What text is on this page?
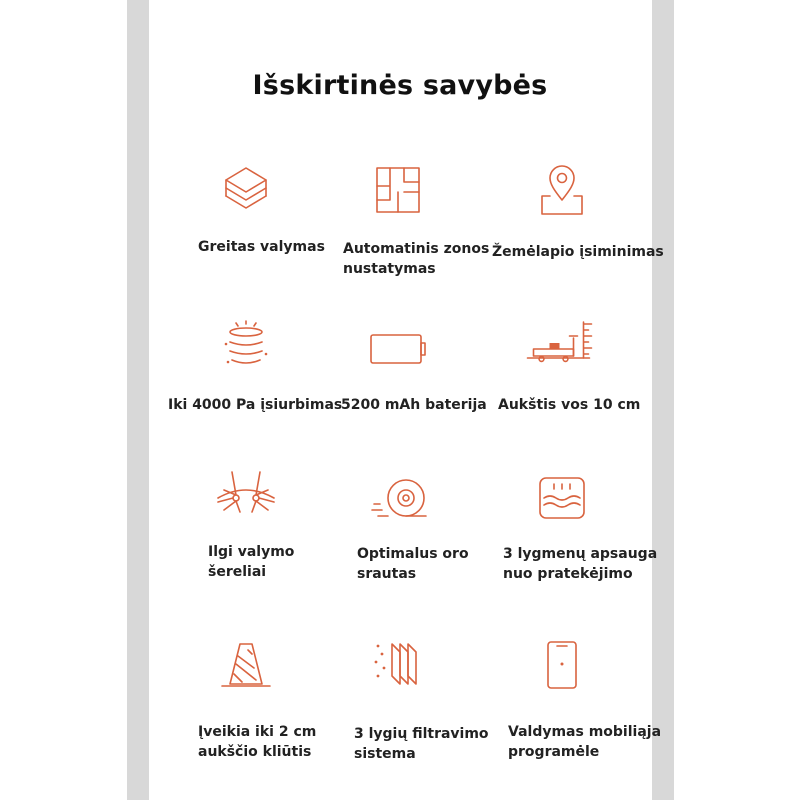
Išskirtinės savybės
Greitas valymas Automatinis zonos
nustatymas
Žemėlapio įsiminimas
Iki 4000 Pa įsiurbimas
5200 mAh baterija Aukštis vos 10 cm
Ilgi valymo
šereliai
Optimalus oro
srautas
3 lygmenų apsauga
nuo pratekėjimo
Įveikia iki 2 cm
aukščio kliūtis
3 lygių filtravimo
sistema
Valdymas mobiliąja
programėle
